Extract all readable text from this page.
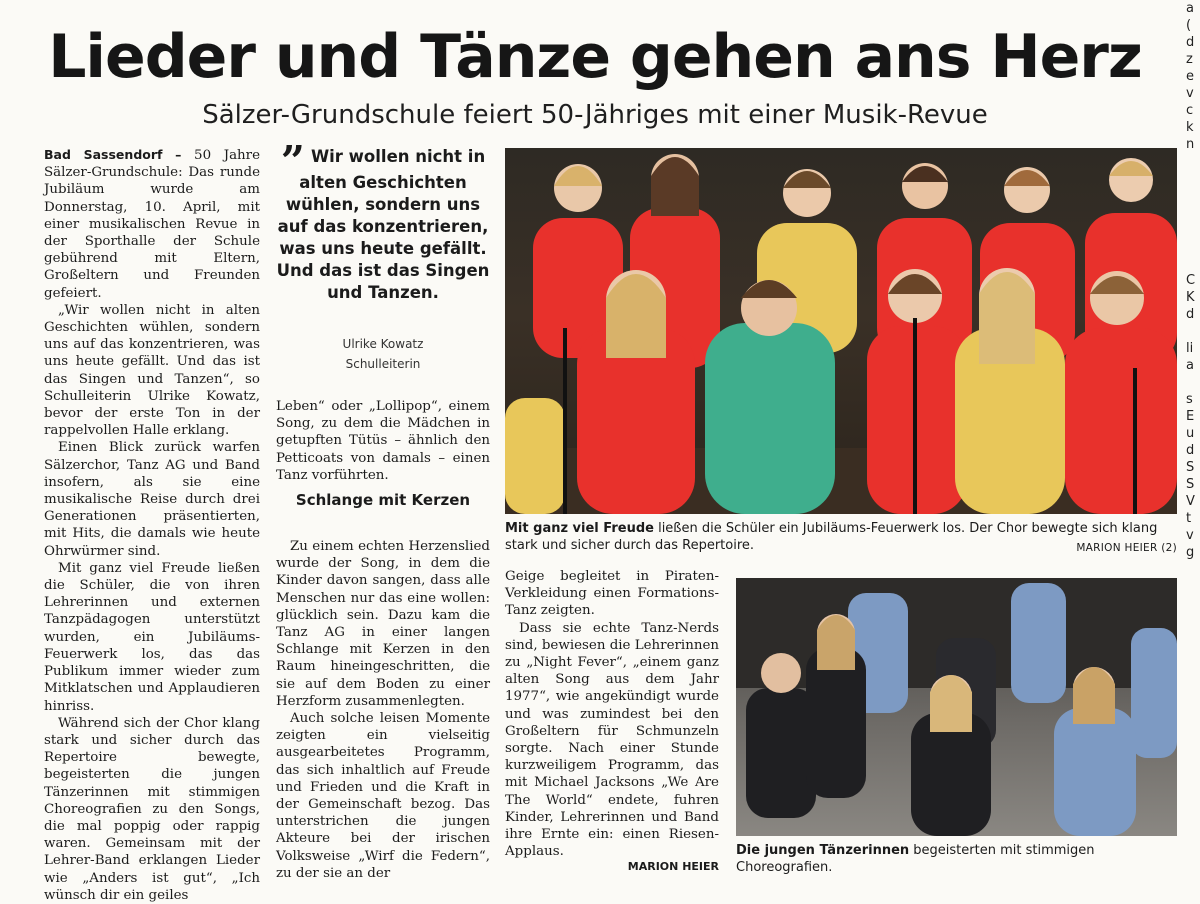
Lieder und Tänze gehen ans Herz
Sälzer-Grundschule feiert 50-Jähriges mit einer Musik-Revue

Bad Sassendorf – 50 Jahre Sälzer-Grundschule: Das runde Jubiläum wurde am Donnerstag, 10. April, mit einer musikalischen Revue in der Sporthalle der Schule gebührend mit Eltern, Großeltern und Freunden gefeiert.

„Wir wollen nicht in alten Geschichten wühlen, sondern uns auf das konzentrieren, was uns heute gefällt. Und das ist das Singen und Tanzen“, so Schulleiterin Ulrike Kowatz, bevor der erste Ton in der rappelvollen Halle erklang.

Einen Blick zurück warfen Sälzerchor, Tanz AG und Band insofern, als sie eine musikalische Reise durch drei Generationen präsentierten, mit Hits, die damals wie heute Ohrwürmer sind.

Mit ganz viel Freude ließen die Schüler, die von ihren Lehrerinnen und externen Tanzpädagogen unterstützt wurden, ein Jubiläums-Feuerwerk los, das das Publikum immer wieder zum Mitklatschen und Applaudieren hinriss.

Während sich der Chor klang stark und sicher durch das Repertoire bewegte, begeisterten die jungen Tänzerinnen mit stimmigen Choreografien zu den Songs, die mal poppig oder rappig waren. Gemeinsam mit der Lehrer-Band erklangen Lieder wie „Anders ist gut“, „Ich wünsch dir ein geiles

” Wir wollen nicht in alten Geschichten wühlen, sondern uns auf das konzentrieren, was uns heute gefällt. Und das ist das Singen und Tanzen.
Ulrike Kowatz
Schulleiterin

Leben“ oder „Lollipop“, einem Song, zu dem die Mädchen in getupften Tütüs – ähnlich den Petticoats von damals – einen Tanz vorführten.

Schlange mit Kerzen

Zu einem echten Herzenslied wurde der Song, in dem die Kinder davon sangen, dass alle Menschen nur das eine wollen: glücklich sein. Dazu kam die Tanz AG in einer langen Schlange mit Kerzen in den Raum hineingeschritten, die sie auf dem Boden zu einer Herzform zusammenlegten.

Auch solche leisen Momente zeigten ein vielseitig ausgearbeitetes Programm, das sich inhaltlich auf Freude und Frieden und die Kraft in der Gemeinschaft bezog. Das unterstrichen die jungen Akteure bei der irischen Volksweise „Wirf die Federn“, zu der sie an der

Geige begleitet in Piraten-Verkleidung einen Formations-Tanz zeigten.

Dass sie echte Tanz-Nerds sind, bewiesen die Lehrerinnen zu „Night Fever“, „einem ganz alten Song aus dem Jahr 1977“, wie angekündigt wurde und was zumindest bei den Großeltern für Schmunzeln sorgte. Nach einer Stunde kurzweiligem Programm, das mit Michael Jacksons „We Are The World“ endete, fuhren Kinder, Lehrerinnen und Band ihre Ernte ein: einen Riesen-Applaus.

MARION HEIER
Mit ganz viel Freude ließen die Schüler ein Jubiläums-Feuerwerk los. Der Chor bewegte sich klang stark und sicher durch das Repertoire.	MARION HEIER (2)
Die jungen Tänzerinnen begeisterten mit stimmigen Choreografien.
a
(
d
z
e
v
c
k
n

C
K
d

li
a

s
E
u
d
S
S
V
t
v
g
